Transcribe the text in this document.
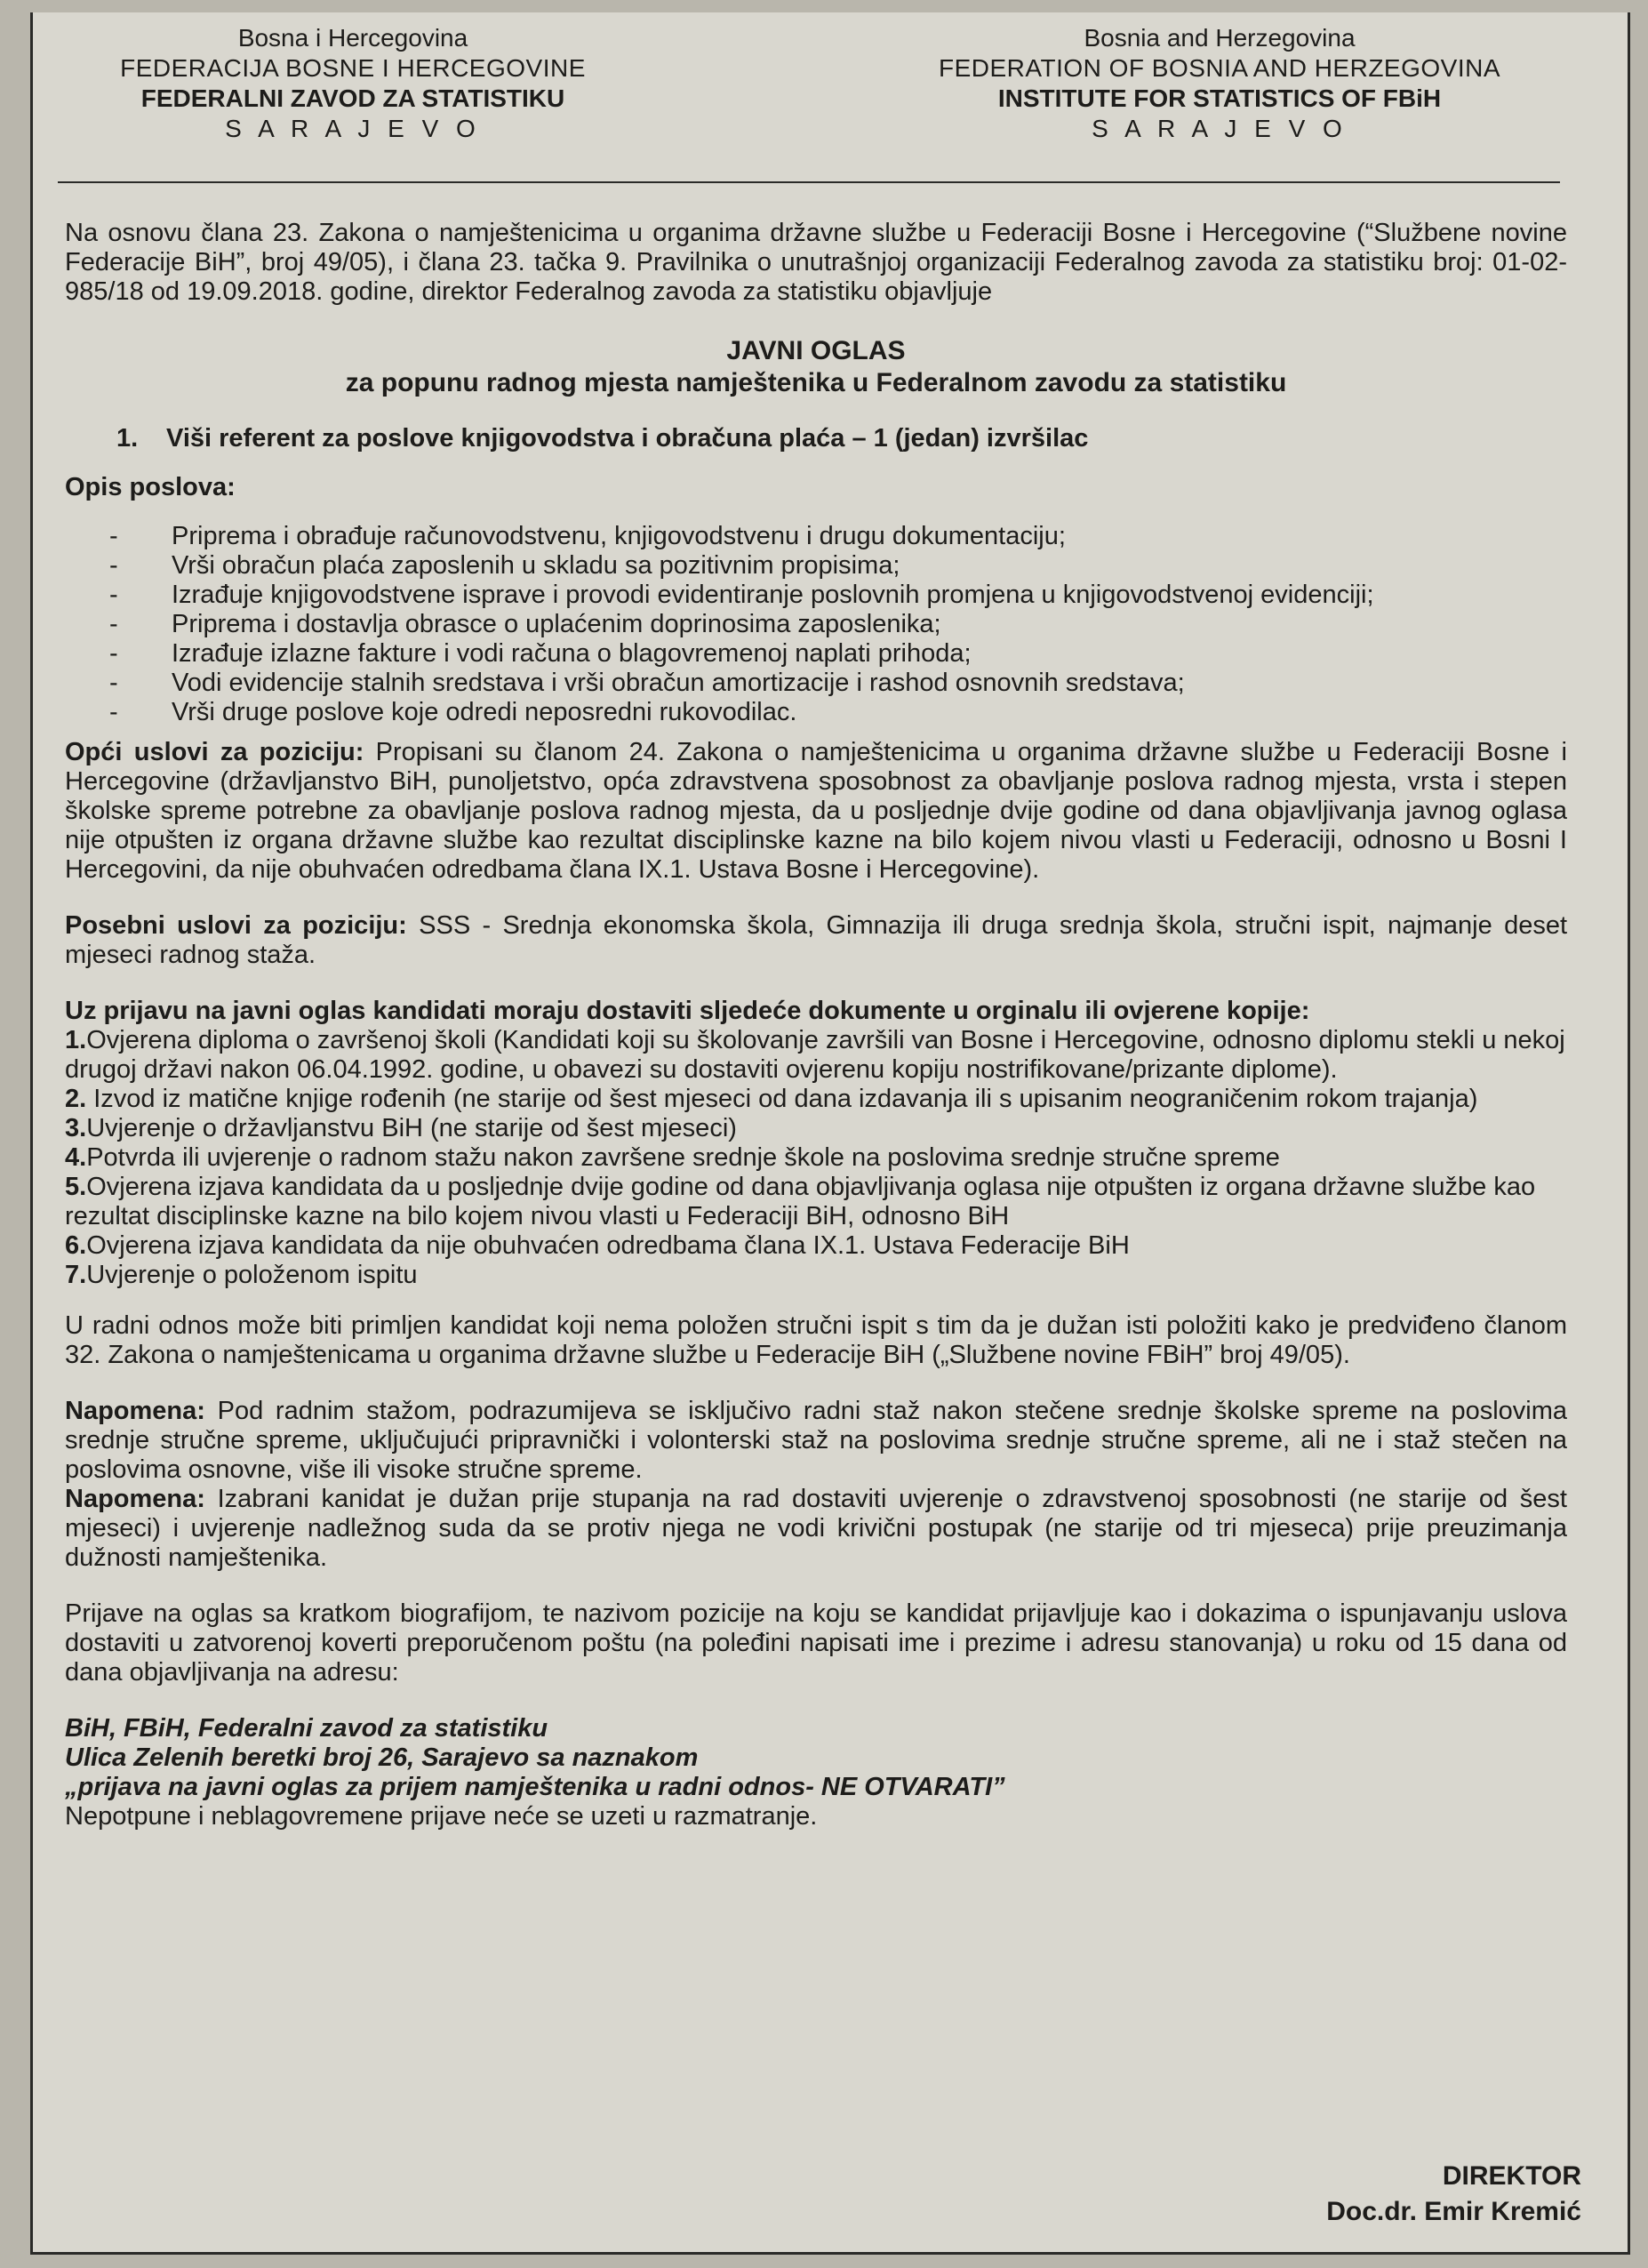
Bosna i Hercegovina
FEDERACIJA BOSNE I HERCEGOVINE
FEDERALNI ZAVOD ZA STATISTIKU
S A R A J E V O
Bosnia and Herzegovina
FEDERATION OF BOSNIA AND HERZEGOVINA
INSTITUTE FOR STATISTICS OF FBiH
S A R A J E V O

Na osnovu člana 23. Zakona o namještenicima u organima državne službe u Federaciji Bosne i Hercegovine (“Službene novine Federacije BiH”, broj 49/05), i člana 23. tačka 9. Pravilnika o unutrašnjoj organizaciji Federalnog zavoda za statistiku broj: 01-02-985/18 od 19.09.2018. godine, direktor Federalnog zavoda za statistiku objavljuje

JAVNI OGLAS

za popunu radnog mjesta namještenika u Federalnom zavodu za statistiku

1. Viši referent za poslove knjigovodstva i obračuna plaća – 1 (jedan) izvršilac

Opis poslova:

- Priprema i obrađuje računovodstvenu, knjigovodstvenu i drugu dokumentaciju;
- Vrši obračun plaća zaposlenih u skladu sa pozitivnim propisima;
- Izrađuje knjigovodstvene isprave i provodi evidentiranje poslovnih promjena u knjigovodstvenoj evidenciji;
- Priprema i dostavlja obrasce o uplaćenim doprinosima zaposlenika;
- Izrađuje izlazne fakture i vodi računa o blagovremenoj naplati prihoda;
- Vodi evidencije stalnih sredstava i vrši obračun amortizacije i rashod osnovnih sredstava;
- Vrši druge poslove koje odredi neposredni rukovodilac.

Opći uslovi za poziciju: Propisani su članom 24. Zakona o namještenicima u organima državne službe u Federaciji Bosne i Hercegovine (državljanstvo BiH, punoljetstvo, opća zdravstvena sposobnost za obavljanje poslova radnog mjesta, vrsta i stepen školske spreme potrebne za obavljanje poslova radnog mjesta, da u posljednje dvije godine od dana objavljivanja javnog oglasa nije otpušten iz organa državne službe kao rezultat disciplinske kazne na bilo kojem nivou vlasti u Federaciji, odnosno u Bosni I Hercegovini, da nije obuhvaćen odredbama člana IX.1. Ustava Bosne i Hercegovine).

Posebni uslovi za poziciju: SSS - Srednja ekonomska škola, Gimnazija ili druga srednja škola, stručni ispit, najmanje deset mjeseci radnog staža.

Uz prijavu na javni oglas kandidati moraju dostaviti sljedeće dokumente u orginalu ili ovjerene kopije:

1.Ovjerena diploma o završenoj školi (Kandidati koji su školovanje završili van Bosne i Hercegovine, odnosno diplomu stekli u nekoj drugoj državi nakon 06.04.1992. godine, u obavezi su dostaviti ovjerenu kopiju nostrifikovane/prizante diplome).

2. Izvod iz matične knjige rođenih (ne starije od šest mjeseci od dana izdavanja ili s upisanim neograničenim rokom trajanja)

3.Uvjerenje o državljanstvu BiH (ne starije od šest mjeseci)

4.Potvrda ili uvjerenje o radnom stažu nakon završene srednje škole na poslovima srednje stručne spreme

5.Ovjerena izjava kandidata da u posljednje dvije godine od dana objavljivanja oglasa nije otpušten iz organa državne službe kao rezultat disciplinske kazne na bilo kojem nivou vlasti u Federaciji BiH, odnosno BiH

6.Ovjerena izjava kandidata da nije obuhvaćen odredbama člana IX.1. Ustava Federacije BiH

7.Uvjerenje o položenom ispitu

U radni odnos može biti primljen kandidat koji nema položen stručni ispit s tim da je dužan isti položiti kako je predviđeno članom 32. Zakona o namještenicama u organima državne službe u Federacije BiH („Službene novine FBiH” broj 49/05).

Napomena: Pod radnim stažom, podrazumijeva se isključivo radni staž nakon stečene srednje školske spreme na poslovima srednje stručne spreme, uključujući pripravnički i volonterski staž na poslovima srednje stručne spreme, ali ne i staž stečen na poslovima osnovne, više ili visoke stručne spreme.

Napomena: Izabrani kanidat je dužan prije stupanja na rad dostaviti uvjerenje o zdravstvenoj sposobnosti (ne starije od šest mjeseci) i uvjerenje nadležnog suda da se protiv njega ne vodi krivični postupak (ne starije od tri mjeseca) prije preuzimanja dužnosti namještenika.

Prijave na oglas sa kratkom biografijom, te nazivom pozicije na koju se kandidat prijavljuje kao i dokazima o ispunjavanju uslova dostaviti u zatvorenoj koverti preporučenom poštu (na poleđini napisati ime i prezime i adresu stanovanja) u roku od 15 dana od dana objavljivanja na adresu:

BiH, FBiH, Federalni zavod za statistiku

Ulica Zelenih beretki broj 26, Sarajevo sa naznakom

„prijava na javni oglas za prijem namještenika u radni odnos- NE OTVARATI”

Nepotpune i neblagovremene prijave neće se uzeti u razmatranje.

DIREKTOR
Doc.dr. Emir Kremić
